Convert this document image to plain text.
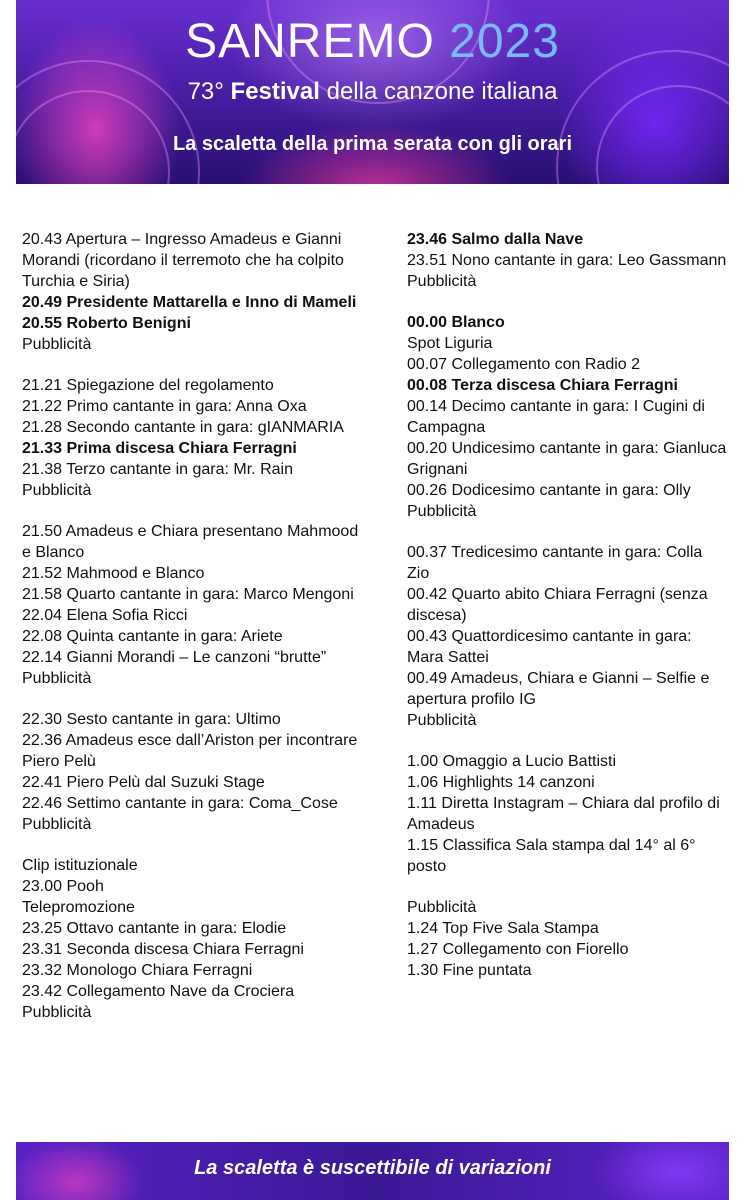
SANREMO 2023
73° Festival della canzone italiana
La scaletta della prima serata con gli orari
20.43 Apertura – Ingresso Amadeus e Gianni Morandi (ricordano il terremoto che ha colpito Turchia e Siria)
20.49 Presidente Mattarella e Inno di Mameli
20.55 Roberto Benigni
Pubblicità
21.21 Spiegazione del regolamento
21.22 Primo cantante in gara: Anna Oxa
21.28 Secondo cantante in gara: gIANMARIA
21.33 Prima discesa Chiara Ferragni
21.38 Terzo cantante in gara: Mr. Rain
Pubblicità
21.50 Amadeus e Chiara presentano Mahmood e Blanco
21.52 Mahmood e Blanco
21.58 Quarto cantante in gara: Marco Mengoni
22.04 Elena Sofia Ricci
22.08 Quinta cantante in gara: Ariete
22.14 Gianni Morandi – Le canzoni “brutte”
Pubblicità
22.30 Sesto cantante in gara: Ultimo
22.36 Amadeus esce dall’Ariston per incontrare Piero Pelù
22.41 Piero Pelù dal Suzuki Stage
22.46 Settimo cantante in gara: Coma_Cose
Pubblicità
Clip istituzionale
23.00 Pooh
Telepromozione
23.25 Ottavo cantante in gara: Elodie
23.31 Seconda discesa Chiara Ferragni
23.32 Monologo Chiara Ferragni
23.42 Collegamento Nave da Crociera
Pubblicità
23.46 Salmo dalla Nave
23.51 Nono cantante in gara: Leo Gassmann
Pubblicità
00.00 Blanco
Spot Liguria
00.07 Collegamento con Radio 2
00.08 Terza discesa Chiara Ferragni
00.14 Decimo cantante in gara: I Cugini di Campagna
00.20 Undicesimo cantante in gara: Gianluca Grignani
00.26 Dodicesimo cantante in gara: Olly
Pubblicità
00.37 Tredicesimo cantante in gara: Colla Zio
00.42 Quarto abito Chiara Ferragni (senza discesa)
00.43 Quattordicesimo cantante in gara: Mara Sattei
00.49 Amadeus, Chiara e Gianni – Selfie e apertura profilo IG
Pubblicità
1.00 Omaggio a Lucio Battisti
1.06 Highlights 14 canzoni
1.11 Diretta Instagram – Chiara dal profilo di Amadeus
1.15 Classifica Sala stampa dal 14° al 6° posto
Pubblicità
1.24 Top Five Sala Stampa
1.27 Collegamento con Fiorello
1.30 Fine puntata
La scaletta è suscettibile di variazioni
